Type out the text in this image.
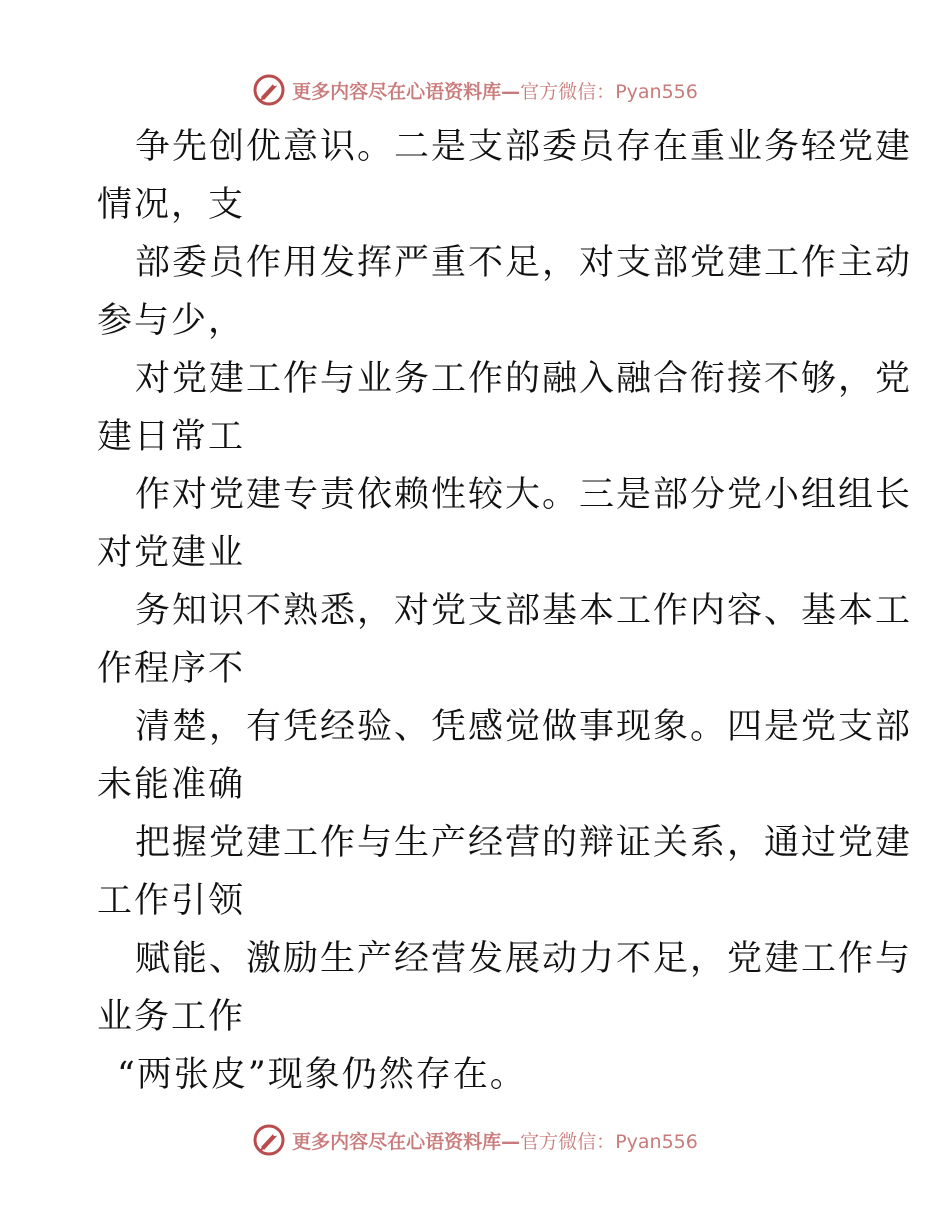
更多内容尽在心语资料库—官方微信：Pyan556
争先创优意识。二是支部委员存在重业务轻党建
情况，支
部委员作用发挥严重不足，对支部党建工作主动
参与少，
对党建工作与业务工作的融入融合衔接不够，党
建日常工
作对党建专责依赖性较大。三是部分党小组组长
对党建业
务知识不熟悉，对党支部基本工作内容、基本工
作程序不
清楚，有凭经验、凭感觉做事现象。四是党支部
未能准确
把握党建工作与生产经营的辩证关系，通过党建
工作引领
赋能、激励生产经营发展动力不足，党建工作与
业务工作
“两张皮”现象仍然存在。
更多内容尽在心语资料库—官方微信：Pyan556
